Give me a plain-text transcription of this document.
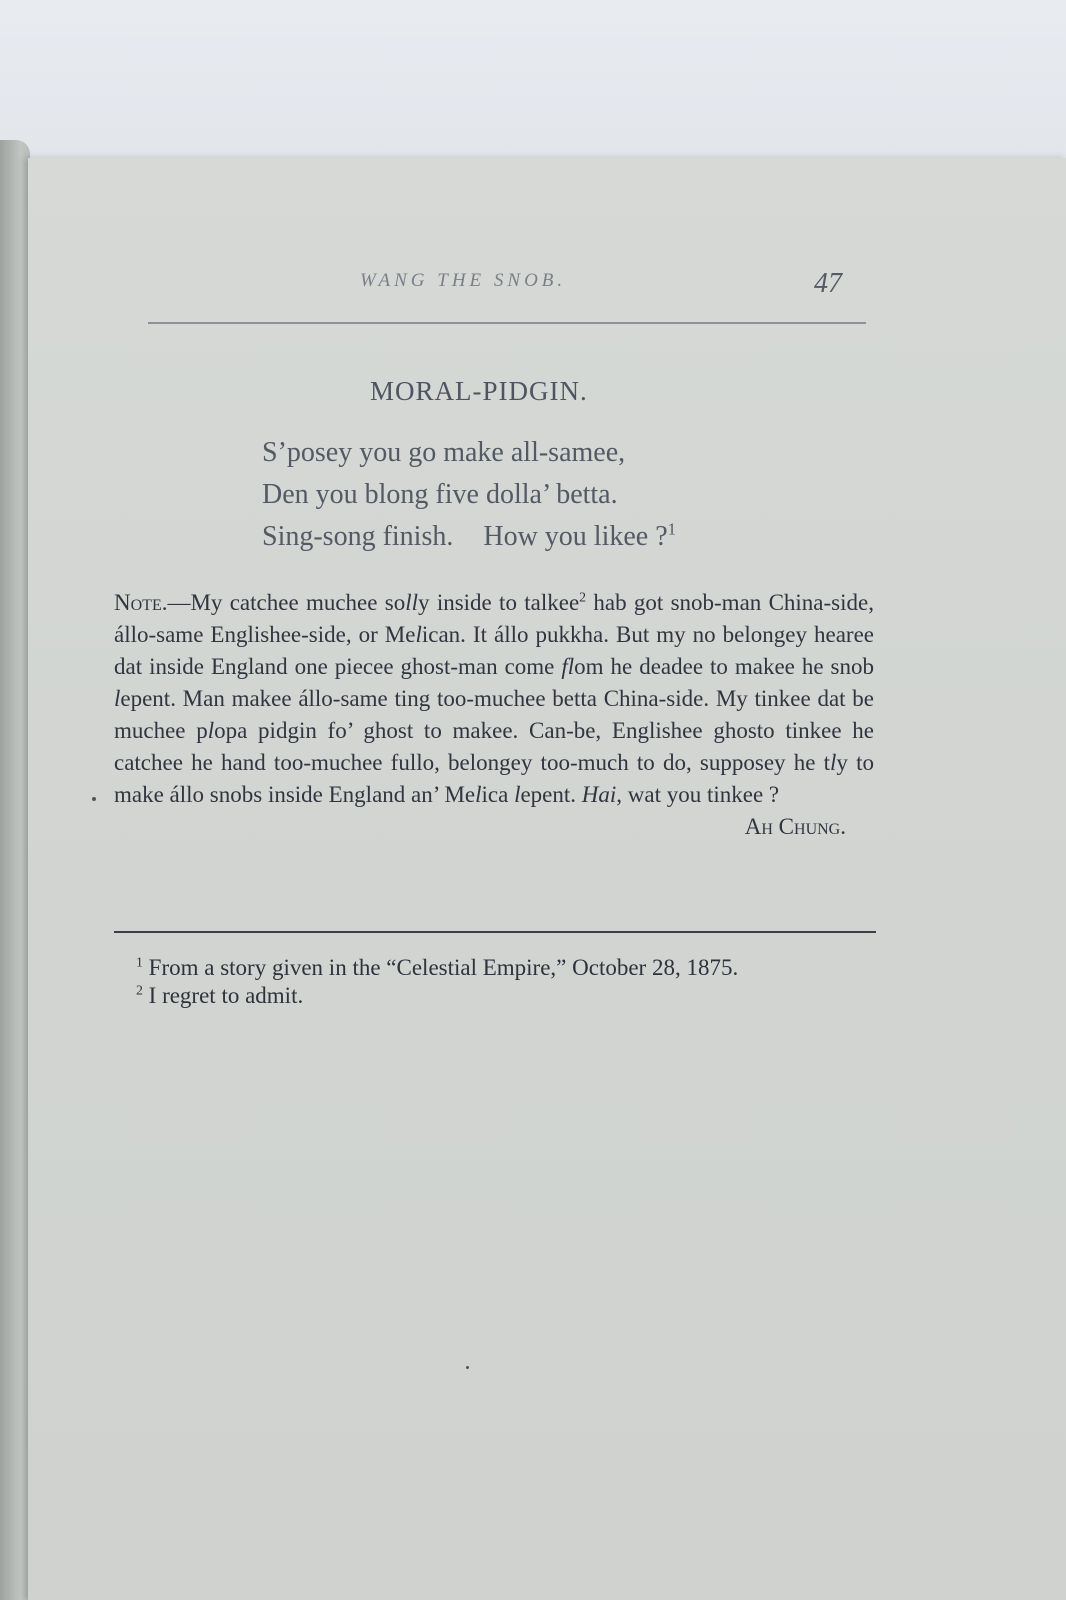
WANG THE SNOB.	47
MORAL-PIDGIN.
S’posey you go make all-samee,
Den you blong five dolla’ betta.
Sing-song finish. How you likee ?$^1$
Note.—My catchee muchee solly inside to talkee$^2$ hab got snob-man China-side, állo-same Englishee-side, or Melican. It állo pukkha. But my no belongey hearee dat inside England one piecee ghost-man come flom he deadee to makee he snob lepent. Man makee állo-same ting too-muchee betta China-side. My tinkee dat be muchee plopa pidgin fo’ ghost to makee. Can-be, Englishee ghosto tinkee he catchee he hand too-muchee fullo, belongey too-much to do, supposey he tly to make állo snobs inside England an’ Melica lepent. Hai, wat you tinkee ?
Ah Chung.
$^1$ From a story given in the “Celestial Empire,” October 28, 1875.
$^2$ I regret to admit.
